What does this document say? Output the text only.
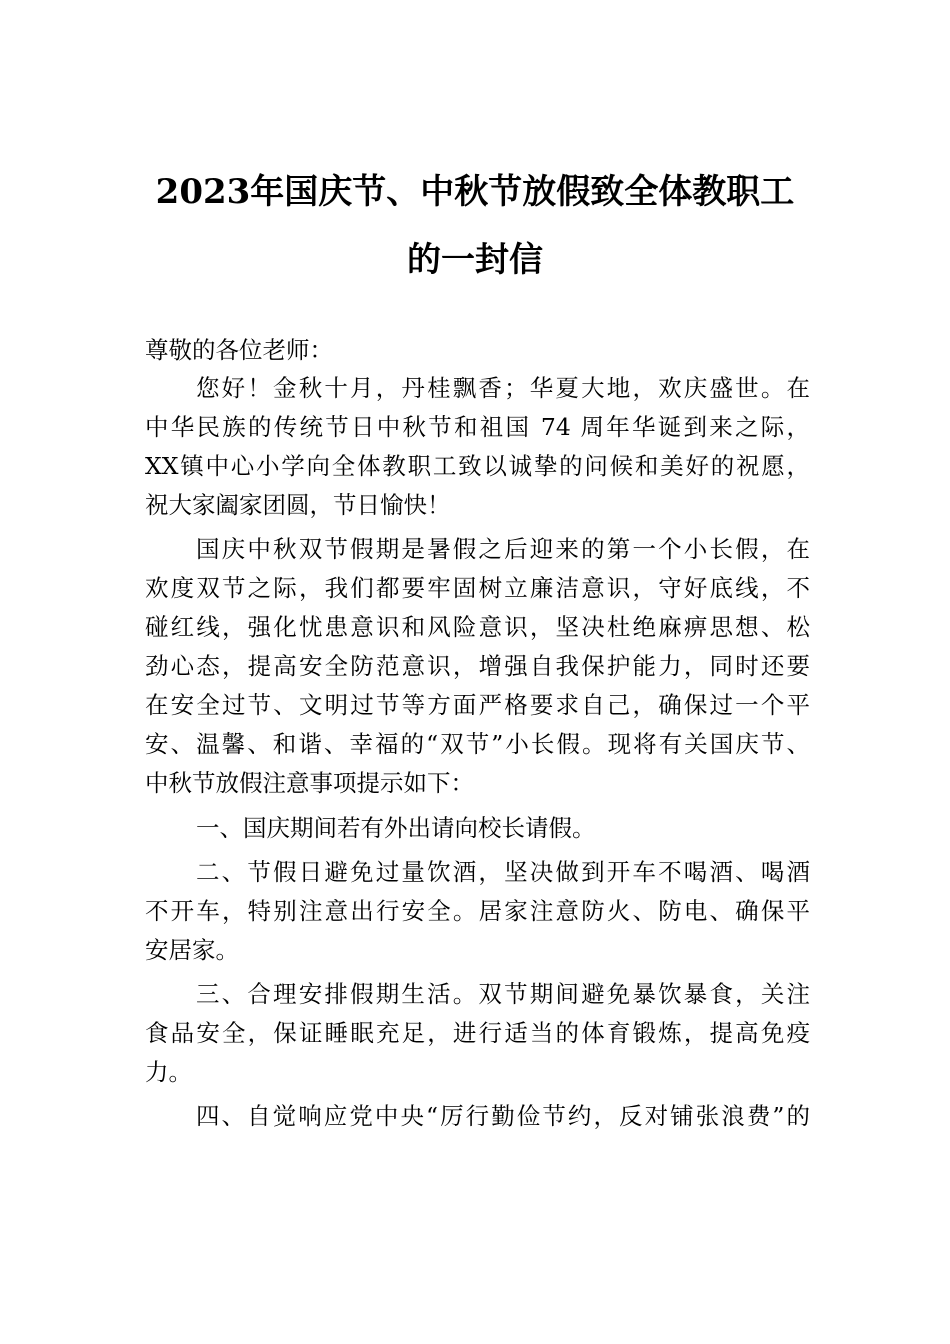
2023年国庆节、中秋节放假致全体教职工
的一封信
尊敬的各位老师：
您好！金秋十月，丹桂飘香；华夏大地，欢庆盛世。在
中华民族的传统节日中秋节和祖国 74 周年华诞到来之际，
XX镇中心小学向全体教职工致以诚挚的问候和美好的祝愿，
祝大家阖家团圆，节日愉快！
国庆中秋双节假期是暑假之后迎来的第一个小长假，在
欢度双节之际，我们都要牢固树立廉洁意识，守好底线，不
碰红线，强化忧患意识和风险意识，坚决杜绝麻痹思想、松
劲心态，提高安全防范意识，增强自我保护能力，同时还要
在安全过节、文明过节等方面严格要求自己，确保过一个平
安、温馨、和谐、幸福的“双节”小长假。现将有关国庆节、
中秋节放假注意事项提示如下：
一、国庆期间若有外出请向校长请假。
二、节假日避免过量饮酒，坚决做到开车不喝酒、喝酒
不开车，特别注意出行安全。居家注意防火、防电、确保平
安居家。
三、合理安排假期生活。双节期间避免暴饮暴食，关注
食品安全，保证睡眠充足，进行适当的体育锻炼，提高免疫
力。
四、自觉响应党中央“厉行勤俭节约，反对铺张浪费”的
